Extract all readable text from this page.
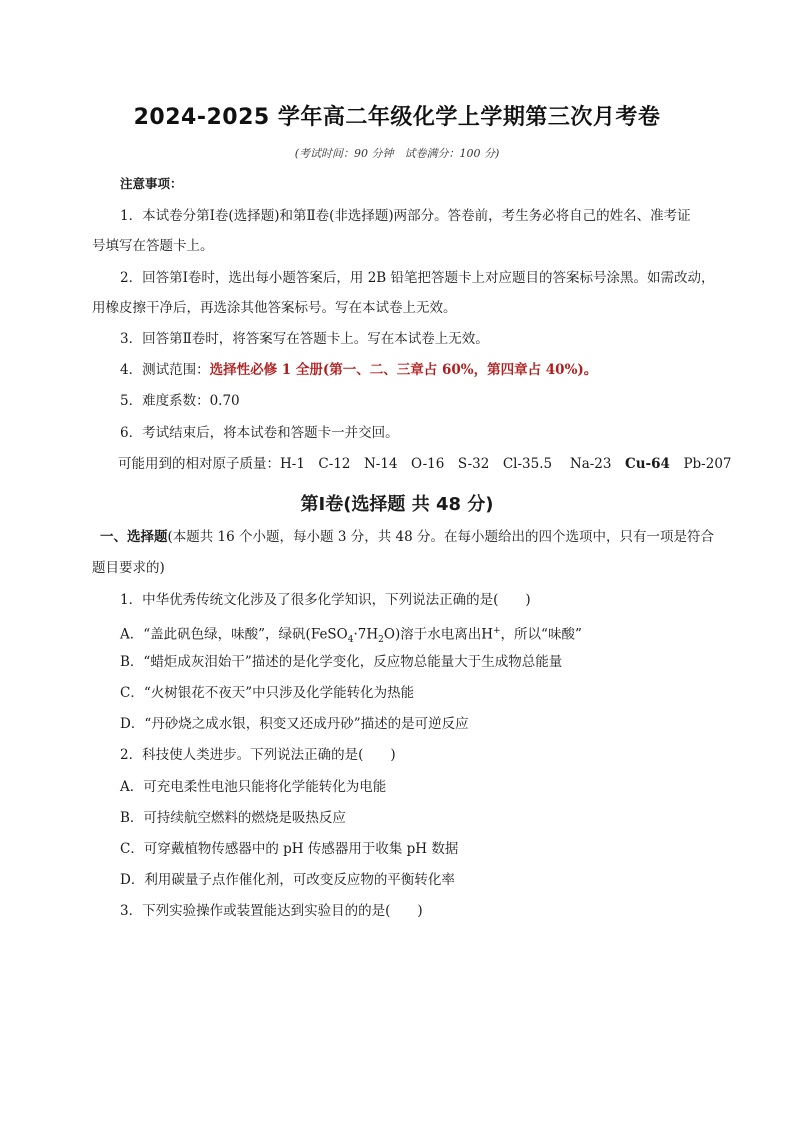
2024-2025 学年高二年级化学上学期第三次月考卷
(考试时间：90 分钟　试卷满分：100 分)
注意事项：
1．本试卷分第Ⅰ卷(选择题)和第Ⅱ卷(非选择题)两部分。答卷前，考生务必将自己的姓名、准考证
号填写在答题卡上。
2．回答第Ⅰ卷时，选出每小题答案后，用 2B 铅笔把答题卡上对应题目的答案标号涂黑。如需改动，
用橡皮擦干净后，再选涂其他答案标号。写在本试卷上无效。
3．回答第Ⅱ卷时，将答案写在答题卡上。写在本试卷上无效。
4．测试范围：选择性必修 1 全册(第一、二、三章占 60%，第四章占 40%)。
5．难度系数：0.70
6．考试结束后，将本试卷和答题卡一并交回。
可能用到的相对原子质量：H-1　C-12　N-14　O-16　S-32　Cl-35.5　 Na-23　Cu-64　Pb-207
第Ⅰ卷(选择题 共 48 分)
一、选择题(本题共 16 个小题，每小题 3 分，共 48 分。在每小题给出的四个选项中，只有一项是符合
题目要求的)
1．中华优秀传统文化涉及了很多化学知识，下列说法正确的是(　　)
A．“盖此矾色绿，味酸”，绿矾$(FeSO_4\cdot 7H_2O)$溶于水电离出H+，所以“味酸”
B．“蜡炬成灰泪始干”描述的是化学变化，反应物总能量大于生成物总能量
C．“火树银花不夜天”中只涉及化学能转化为热能
D．“丹砂烧之成水银，积变又还成丹砂”描述的是可逆反应
2．科技使人类进步。下列说法正确的是(　　)
A．可充电柔性电池只能将化学能转化为电能
B．可持续航空燃料的燃烧是吸热反应
C．可穿戴植物传感器中的 pH 传感器用于收集 pH 数据
D．利用碳量子点作催化剂，可改变反应物的平衡转化率
3．下列实验操作或装置能达到实验目的的是(　　)
